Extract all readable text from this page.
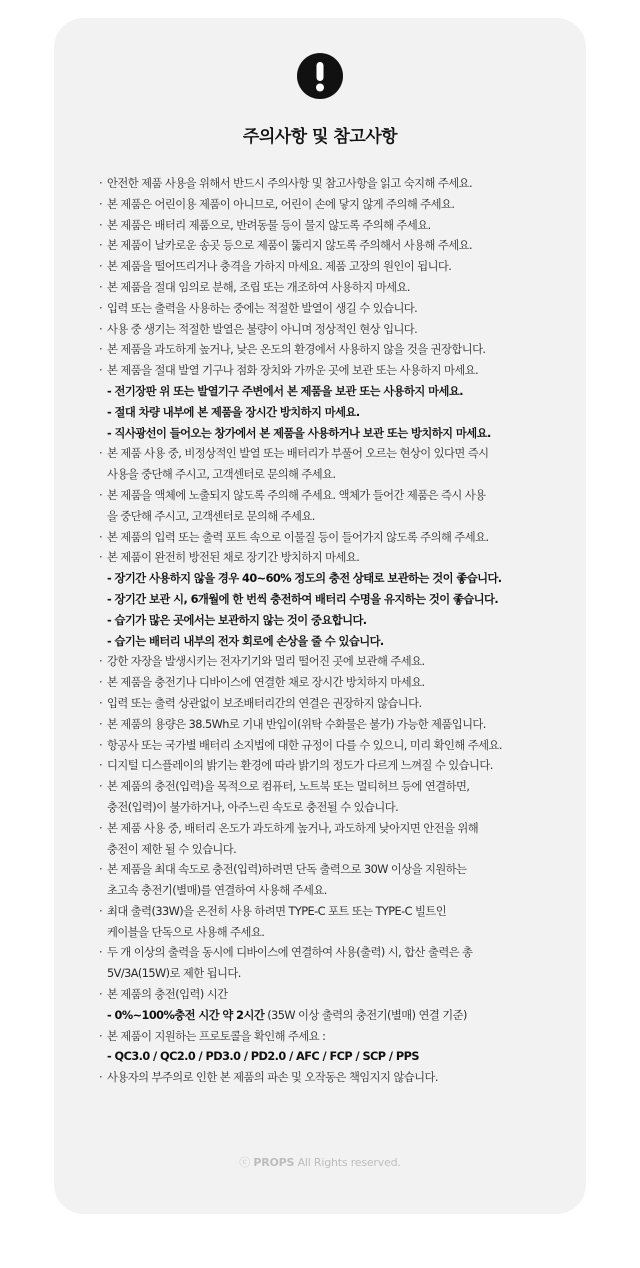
주의사항 및 참고사항
· 안전한 제품 사용을 위해서 반드시 주의사항 및 참고사항을 읽고 숙지해 주세요.
· 본 제품은 어린이용 제품이 아니므로, 어린이 손에 닿지 않게 주의해 주세요.
· 본 제품은 배터리 제품으로, 반려동물 등이 물지 않도록 주의해 주세요.
· 본 제품이 날카로운 송곳 등으로 제품이 뚫리지 않도록 주의해서 사용해 주세요.
· 본 제품을 떨어뜨리거나 충격을 가하지 마세요. 제품 고장의 원인이 됩니다.
· 본 제품을 절대 임의로 분해, 조립 또는 개조하여 사용하지 마세요.
· 입력 또는 출력을 사용하는 중에는 적절한 발열이 생길 수 있습니다.
· 사용 중 생기는 적절한 발열은 불량이 아니며 정상적인 현상 입니다.
· 본 제품을 과도하게 높거나, 낮은 온도의 환경에서 사용하지 않을 것을 권장합니다.
· 본 제품을 절대 발열 기구나 점화 장치와 가까운 곳에 보관 또는 사용하지 마세요.
- 전기장판 위 또는 발열기구 주변에서 본 제품을 보관 또는 사용하지 마세요.
- 절대 차량 내부에 본 제품을 장시간 방치하지 마세요.
- 직사광선이 들어오는 창가에서 본 제품을 사용하거나 보관 또는 방치하지 마세요.
· 본 제품 사용 중, 비정상적인 발열 또는 배터리가 부풀어 오르는 현상이 있다면 즉시
사용을 중단해 주시고, 고객센터로 문의해 주세요.
· 본 제품을 액체에 노출되지 않도록 주의해 주세요. 액체가 들어간 제품은 즉시 사용
을 중단해 주시고, 고객센터로 문의해 주세요.
· 본 제품의 입력 또는 출력 포트 속으로 이물질 등이 들어가지 않도록 주의해 주세요.
· 본 제품이 완전히 방전된 채로 장기간 방치하지 마세요.
- 장기간 사용하지 않을 경우 40~60% 정도의 충전 상태로 보관하는 것이 좋습니다.
- 장기간 보관 시, 6개월에 한 번씩 충전하여 배터리 수명을 유지하는 것이 좋습니다.
- 습기가 많은 곳에서는 보관하지 않는 것이 중요합니다.
- 습기는 배터리 내부의 전자 회로에 손상을 줄 수 있습니다.
· 강한 자장을 발생시키는 전자기기와 멀리 떨어진 곳에 보관해 주세요.
· 본 제품을 충전기나 디바이스에 연결한 채로 장시간 방치하지 마세요.
· 입력 또는 출력 상관없이 보조배터리간의 연결은 권장하지 않습니다.
· 본 제품의 용량은 38.5Wh로 기내 반입이(위탁 수화물은 불가) 가능한 제품입니다.
· 항공사 또는 국가별 배터리 소지법에 대한 규정이 다를 수 있으니, 미리 확인해 주세요.
· 디지털 디스플레이의 밝기는 환경에 따라 밝기의 정도가 다르게 느껴질 수 있습니다.
· 본 제품의 충전(입력)을 목적으로 컴퓨터, 노트북 또는 멀티허브 등에 연결하면,
충전(입력)이 불가하거나, 아주느린 속도로 충전될 수 있습니다.
· 본 제품 사용 중, 배터리 온도가 과도하게 높거나, 과도하게 낮아지면 안전을 위해
충전이 제한 될 수 있습니다.
· 본 제품을 최대 속도로 충전(입력)하려면 단독 출력으로 30W 이상을 지원하는
초고속 충전기(별매)를 연결하여 사용해 주세요.
· 최대 출력(33W)을 온전히 사용 하려면 TYPE-C 포트 또는 TYPE-C 빌트인
케이블을 단독으로 사용해 주세요.
· 두 개 이상의 출력을 동시에 디바이스에 연결하여 사용(출력) 시, 합산 출력은 총
5V/3A(15W)로 제한 됩니다.
· 본 제품의 충전(입력) 시간
- 0%~100%충전 시간 약 2시간 (35W 이상 출력의 충전기(별매) 연결 기준)
· 본 제품이 지원하는 프로토콜을 확인해 주세요 :
- QC3.0 / QC2.0 / PD3.0 / PD2.0 / AFC / FCP / SCP / PPS
· 사용자의 부주의로 인한 본 제품의 파손 및 오작동은 책임지지 않습니다.
ⓒ PROPS All Rights reserved.
